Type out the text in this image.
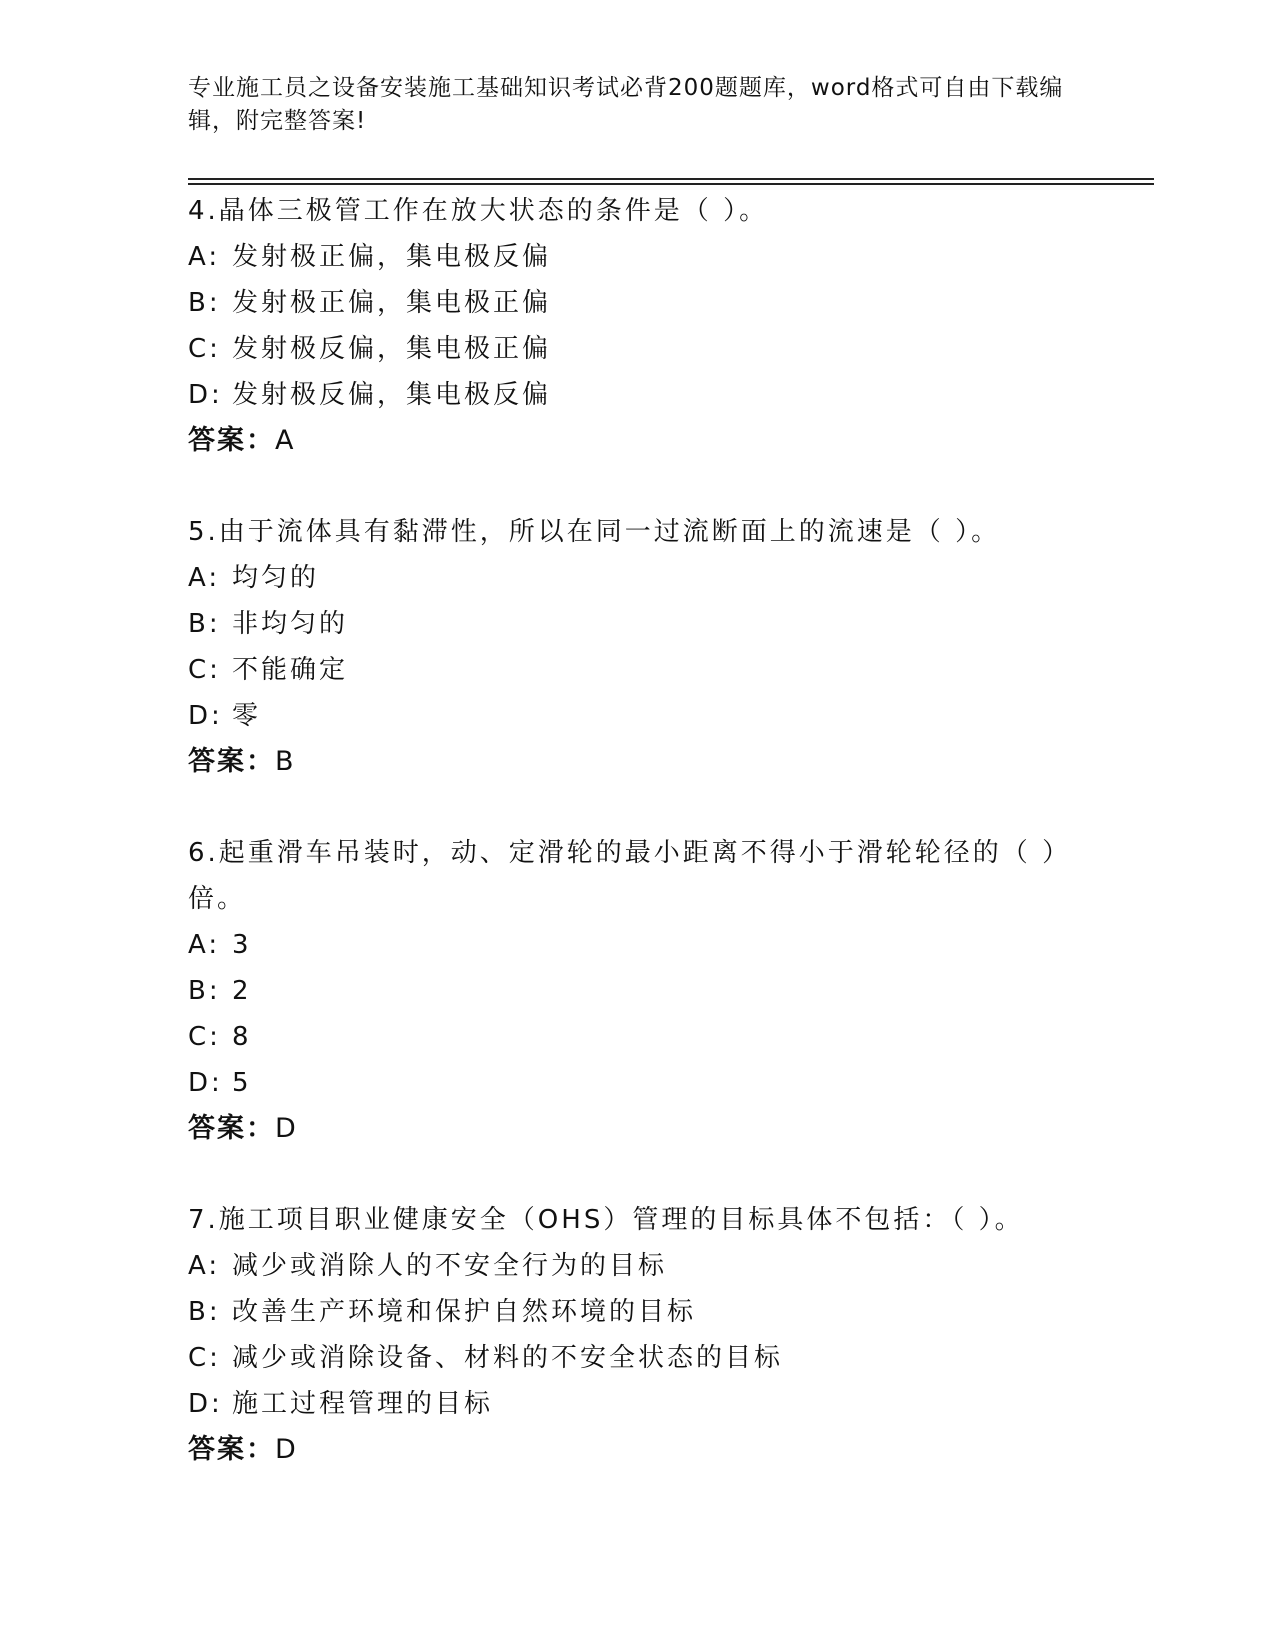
专业施工员之设备安装施工基础知识考试必背200题题库，word格式可自由下载编辑，附完整答案!

4.晶体三极管工作在放大状态的条件是（ ）。

A: 发射极正偏，集电极反偏

B: 发射极正偏，集电极正偏

C: 发射极反偏，集电极正偏

D: 发射极反偏，集电极反偏

答案：A

5.由于流体具有黏滞性，所以在同一过流断面上的流速是（ ）。

A: 均匀的

B: 非均匀的

C: 不能确定

D: 零

答案：B

6.起重滑车吊装时，动、定滑轮的最小距离不得小于滑轮轮径的（ ）倍。

A: 3

B: 2

C: 8

D: 5

答案：D

7.施工项目职业健康安全（OHS）管理的目标具体不包括：（ ）。

A: 减少或消除人的不安全行为的目标

B: 改善生产环境和保护自然环境的目标

C: 减少或消除设备、材料的不安全状态的目标

D: 施工过程管理的目标

答案：D
